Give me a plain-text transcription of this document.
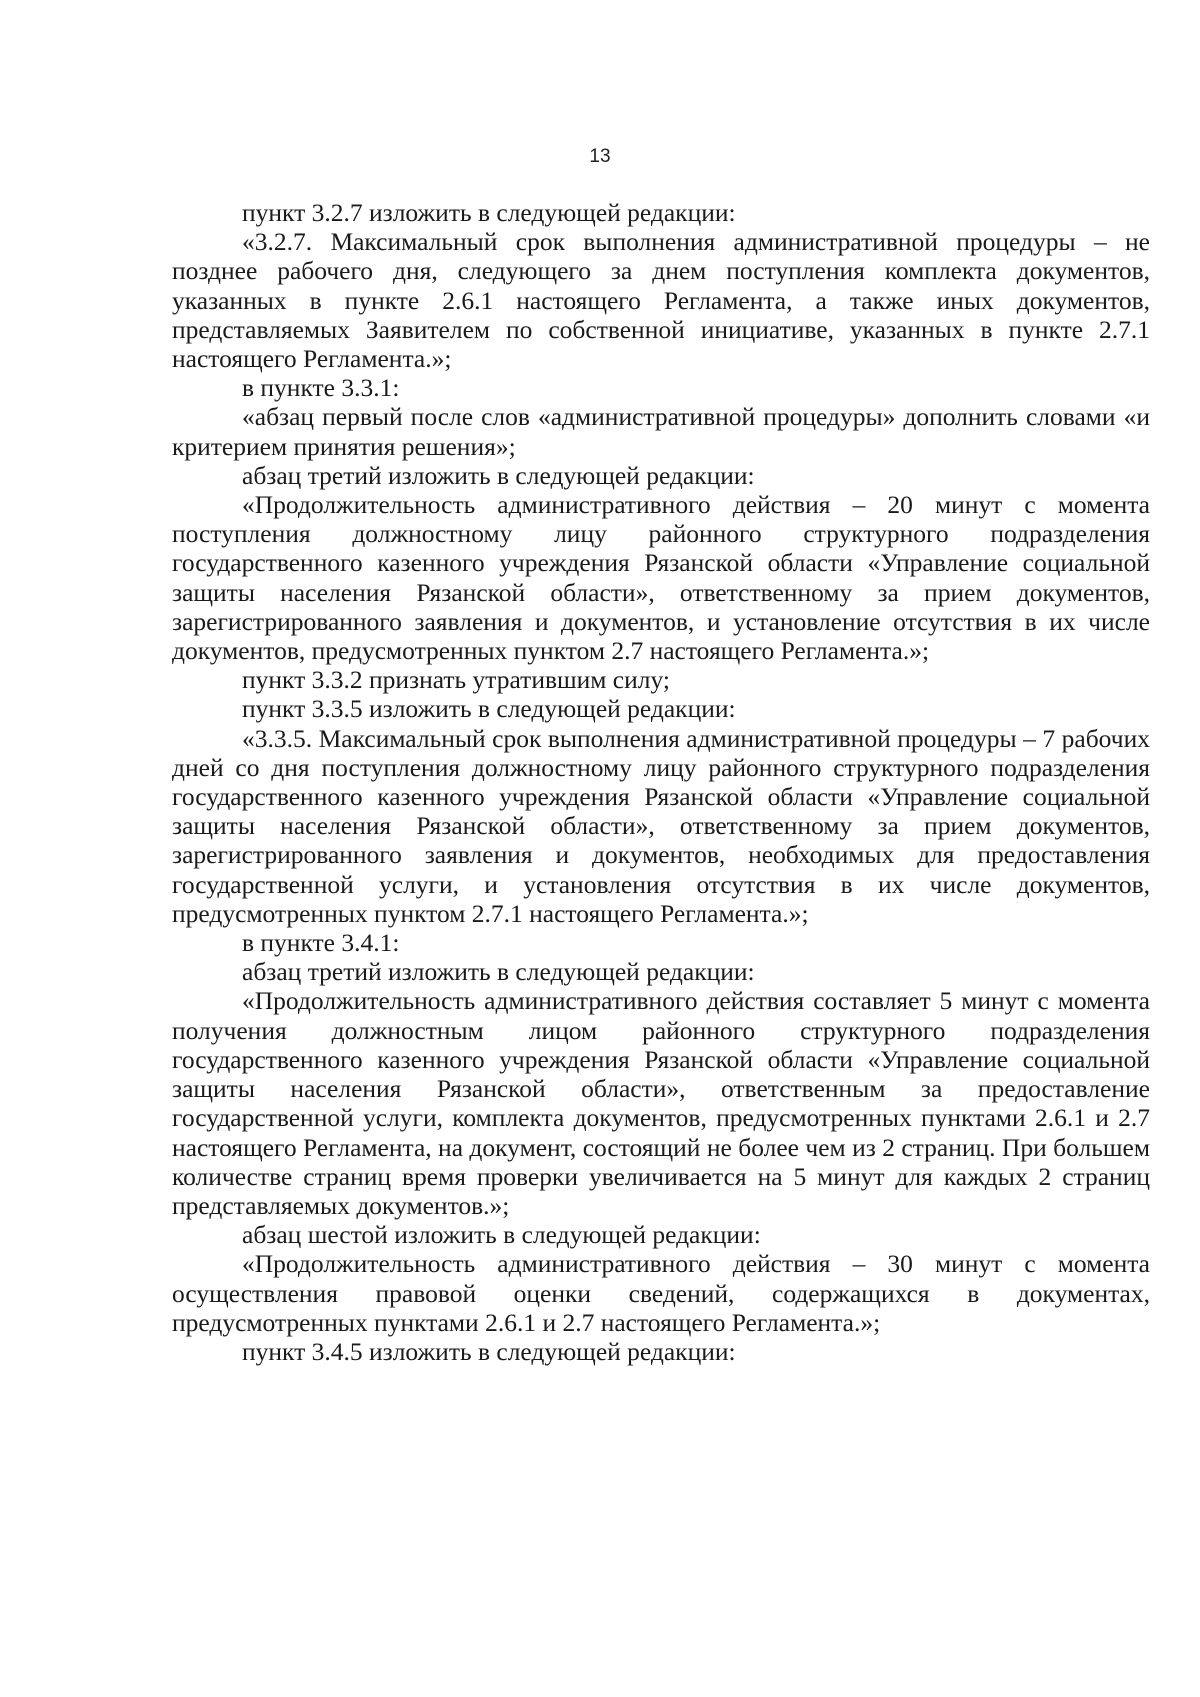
13

пункт 3.2.7 изложить в следующей редакции:

«3.2.7. Максимальный срок выполнения административной процедуры – не позднее рабочего дня, следующего за днем поступления комплекта документов, указанных в пункте 2.6.1 настоящего Регламента, а также иных документов, представляемых Заявителем по собственной инициативе, указанных в пункте 2.7.1 настоящего Регламента.»;

в пункте 3.3.1:

«абзац первый после слов «административной процедуры» дополнить словами «и критерием принятия решения»;

абзац третий изложить в следующей редакции:

«Продолжительность административного действия – 20 минут с момента поступления должностному лицу районного структурного подразделения государственного казенного учреждения Рязанской области «Управление социальной защиты населения Рязанской области», ответственному за прием документов, зарегистрированного заявления и документов, и установление отсутствия в их числе документов, предусмотренных пунктом 2.7 настоящего Регламента.»;

пункт 3.3.2 признать утратившим силу;

пункт 3.3.5 изложить в следующей редакции:

«3.3.5. Максимальный срок выполнения административной процедуры – 7 рабочих дней со дня поступления должностному лицу районного структурного подразделения государственного казенного учреждения Рязанской области «Управление социальной защиты населения Рязанской области», ответственному за прием документов, зарегистрированного заявления и документов, необходимых для предоставления государственной услуги, и установления отсутствия в их числе документов, предусмотренных пунктом 2.7.1 настоящего Регламента.»;

в пункте 3.4.1:

абзац третий изложить в следующей редакции:

«Продолжительность административного действия составляет 5 минут с момента получения должностным лицом районного структурного подразделения государственного казенного учреждения Рязанской области «Управление социальной защиты населения Рязанской области», ответственным за предоставление государственной услуги, комплекта документов, предусмотренных пунктами 2.6.1 и 2.7 настоящего Регламента, на документ, состоящий не более чем из 2 страниц. При большем количестве страниц время проверки увеличивается на 5 минут для каждых 2 страниц представляемых документов.»;

абзац шестой изложить в следующей редакции:

«Продолжительность административного действия – 30 минут с момента осуществления правовой оценки сведений, содержащихся в документах, предусмотренных пунктами 2.6.1 и 2.7 настоящего Регламента.»;

пункт 3.4.5 изложить в следующей редакции:
